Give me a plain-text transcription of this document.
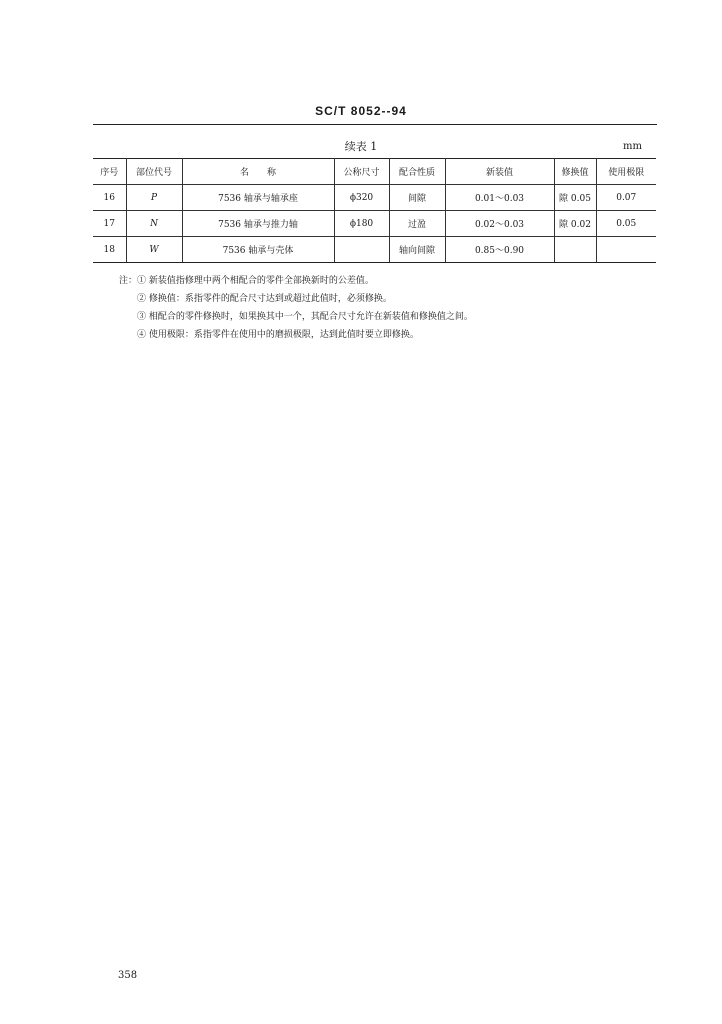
SC/T 8052--94
续表 1	mm
序号	部位代号	名　　称	公称尺寸	配合性质	新装值	修换值	使用极限
16	P	7536 轴承与轴承座	ϕ320	间隙	0.01～0.03	隙 0.05	0.07
17	N	7536 轴承与推力轴	ϕ180	过盈	0.02～0.03	隙 0.02	0.05
18	W	7536 轴承与壳体		轴向间隙	0.85～0.90		
注：① 新装值指修理中两个相配合的零件全部换新时的公差值。
② 修换值：系指零件的配合尺寸达到或超过此值时，必须修换。
③ 相配合的零件修换时，如果换其中一个，其配合尺寸允许在新装值和修换值之间。
④ 使用极限：系指零件在使用中的磨损极限，达到此值时要立即修换。
358
